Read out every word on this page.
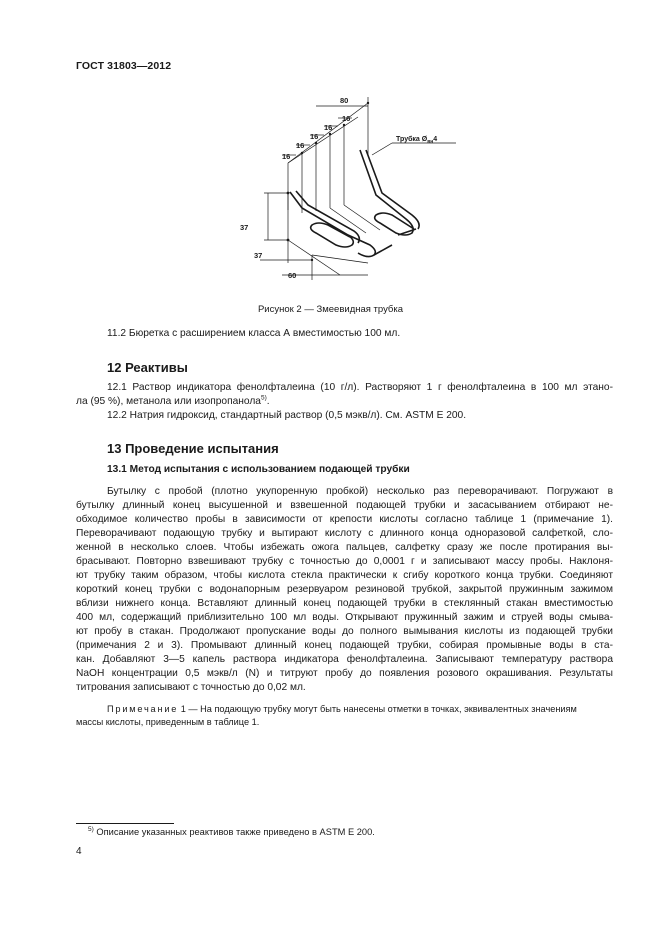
ГОСТ 31803—2012
80
16
16
16
16
16
37
37
60
Трубка $Ø_{вн}4$
Рисунок 2 — Змеевидная трубка
11.2 Бюретка с расширением класса А вместимостью 100 мл.
12 Реактивы
12.1 Раствор индикатора фенолфталеина (10 г/л). Растворяют 1 г фенолфталеина в 100 мл этано-
ла (95 %), метанола или изопропанола$^{5)}$.
12.2 Натрия гидроксид, стандартный раствор (0,5 мэкв/л). См. ASTM E 200.
13 Проведение испытания
13.1 Метод испытания с использованием подающей трубки
Бутылку с пробой (плотно укупоренную пробкой) несколько раз переворачивают. Погружают в
бутылку длинный конец высушенной и взвешенной подающей трубки и засасыванием отбирают не-
обходимое количество пробы в зависимости от крепости кислоты согласно таблице 1 (примечание 1).
Переворачивают подающую трубку и вытирают кислоту с длинного конца одноразовой салфеткой, сло-
женной в несколько слоев. Чтобы избежать ожога пальцев, салфетку сразу же после протирания вы-
брасывают. Повторно взвешивают трубку с точностью до 0,0001 г и записывают массу пробы. Наклоня-
ют трубку таким образом, чтобы кислота стекла практически к сгибу короткого конца трубки. Соединяют
короткий конец трубки с водонапорным резервуаром резиновой трубкой, закрытой пружинным зажимом
вблизи нижнего конца. Вставляют длинный конец подающей трубки в стеклянный стакан вместимостью
400 мл, содержащий приблизительно 100 мл воды. Открывают пружинный зажим и струей воды смыва-
ют пробу в стакан. Продолжают пропускание воды до полного вымывания кислоты из подающей трубки
(примечания 2 и 3). Промывают длинный конец подающей трубки, собирая промывные воды в ста-
кан. Добавляют 3—5 капель раствора индикатора фенолфталеина. Записывают температуру раствора
NaOH концентрации 0,5 мэкв/л (N) и титруют пробу до появления розового окрашивания. Результаты
титрования записывают с точностью до 0,02 мл.
Примечание 1 — На подающую трубку могут быть нанесены отметки в точках, эквивалентных значениям
массы кислоты, приведенным в таблице 1.
$^{5)}$ Описание указанных реактивов также приведено в ASTM E 200.
4
